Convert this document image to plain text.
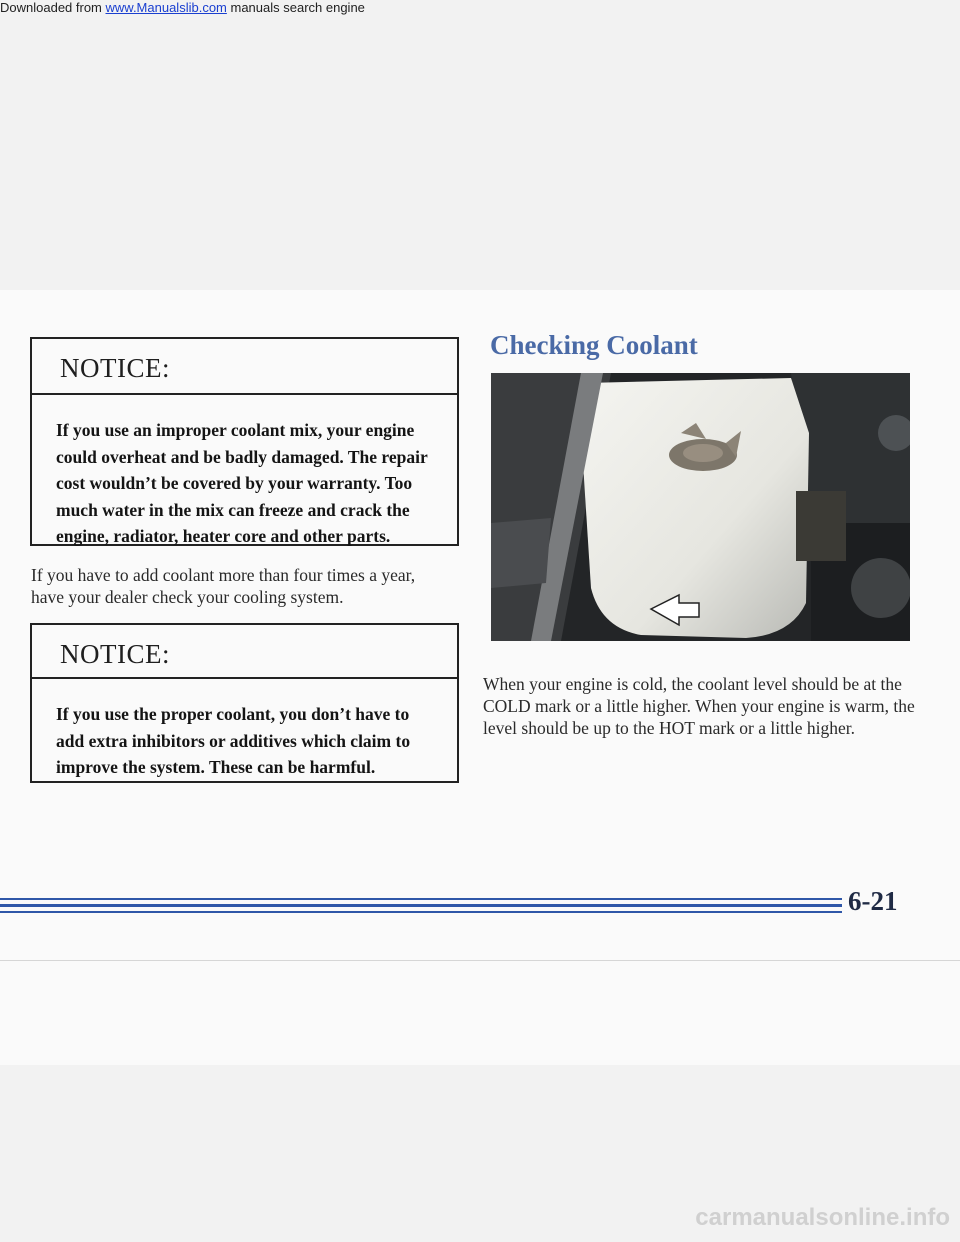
Downloaded from www.Manualslib.com manuals search engine
NOTICE:
If you use an improper coolant mix, your engine could overheat and be badly damaged. The repair cost wouldn’t be covered by your warranty. Too much water in the mix can freeze and crack the engine, radiator, heater core and other parts.
If you have to add coolant more than four times a year, have your dealer check your cooling system.
NOTICE:
If you use the proper coolant, you don’t have to add extra inhibitors or additives which claim to improve the system. These can be harmful.
Checking Coolant
When your engine is cold, the coolant level should be at the COLD mark or a little higher. When your engine is warm, the level should be up to the HOT mark or a little higher.
6-21
carmanualsonline.info
